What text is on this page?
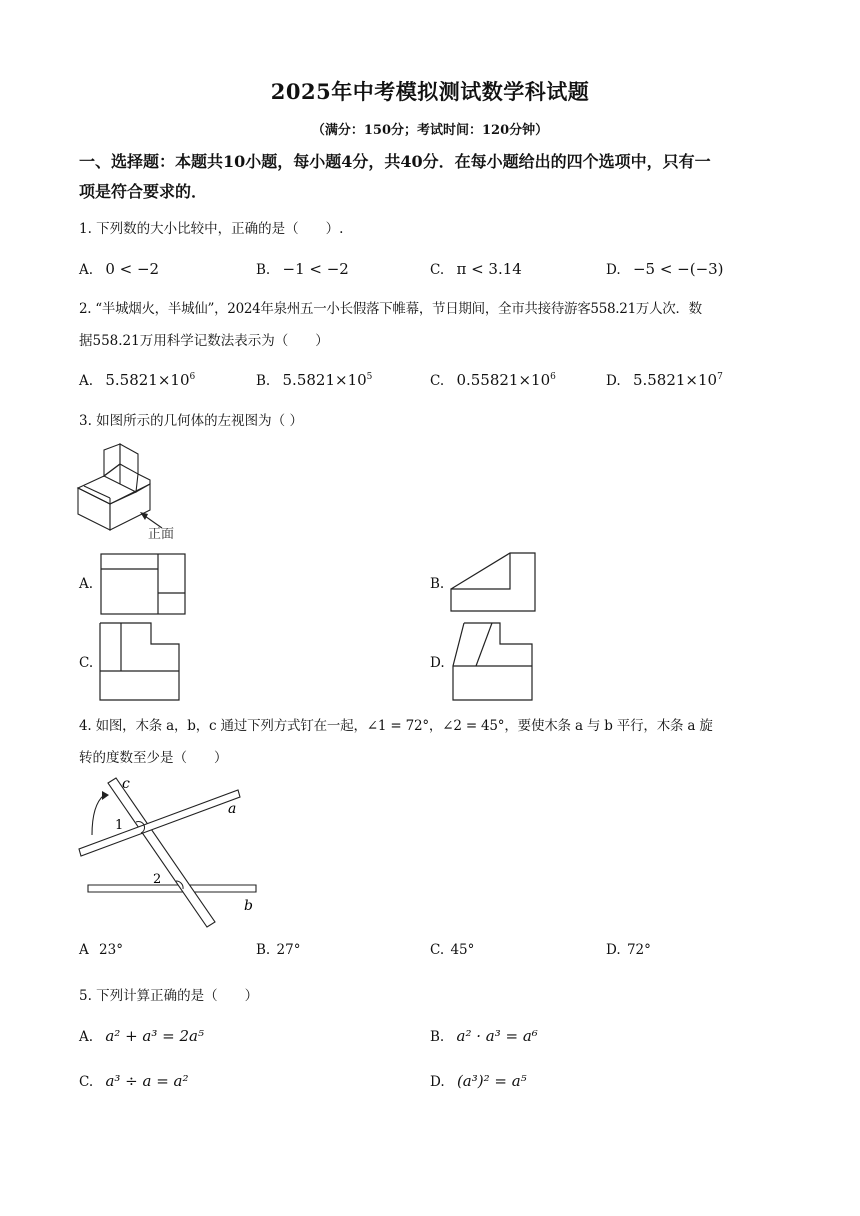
2025年中考模拟测试数学科试题
（满分：150分；考试时间：120分钟）
一、选择题：本题共10小题，每小题4分，共40分．在每小题给出的四个选项中，只有一
项是符合要求的．
1. 下列数的大小比较中，正确的是（　　）.
A. 0 < −2	B. −1 < −2	C. π < 3.14	D. −5 < −(−3)
2. “半城烟火，半城仙”，2024年泉州五一小长假落下帷幕，节日期间，全市共接待游客558.21万人次．数
据558.21万用科学记数法表示为（　　）
A. $5.5821\times 10^6$	B. $5.5821\times 10^5$	C. $0.55821\times 10^6$	D. $5.5821\times 10^7$
3. 如图所示的几何体的左视图为（ ）
正面
A.	B.
C.	D.
4. 如图，木条 a，b，c 通过下列方式钉在一起，∠1 = 72°，∠2 = 45°，要使木条 a 与 b 平行，木条 a 旋
转的度数至少是（　　）
c
a
b
1
2
A 23°	B. 27°	C. 45°	D. 72°
5. 下列计算正确的是（　　）
A. a² + a³ = 2a⁵	B. a² · a³ = a⁶
C. a³ ÷ a = a²	D. (a³)² = a⁵
